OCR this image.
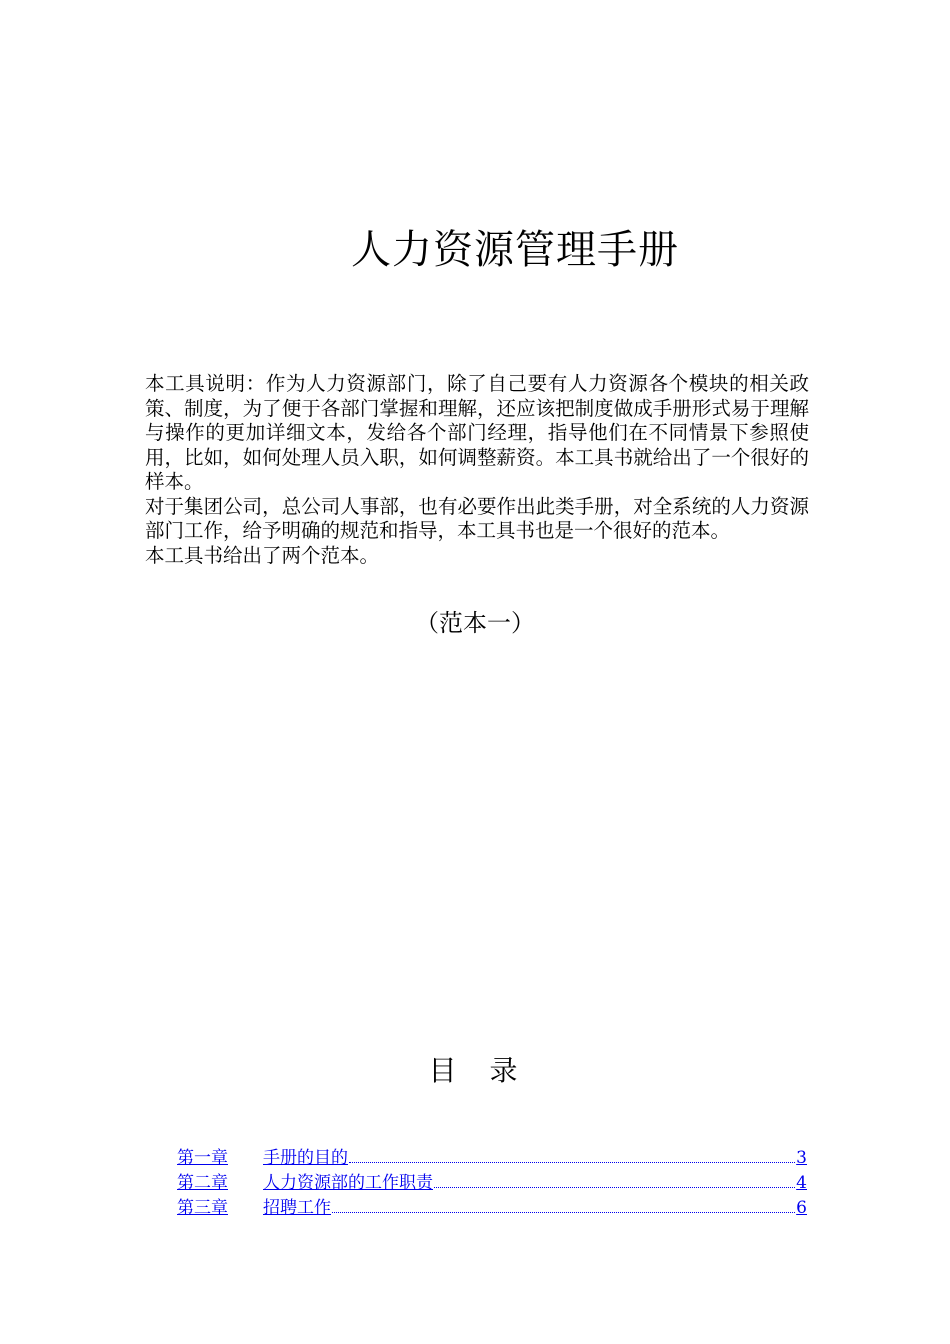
人力资源管理手册

本工具说明：作为人力资源部门，除了自己要有人力资源各个模块的相关政策、制度，为了便于各部门掌握和理解，还应该把制度做成手册形式易于理解与操作的更加详细文本，发给各个部门经理，指导他们在不同情景下参照使用，比如，如何处理人员入职，如何调整薪资。本工具书就给出了一个很好的样本。

对于集团公司，总公司人事部，也有必要作出此类手册，对全系统的人力资源部门工作，给予明确的规范和指导，本工具书也是一个很好的范本。

本工具书给出了两个范本。

（范本一）
目 录
第一章	手册的目的	3
第二章	人力资源部的工作职责	4
第三章	招聘工作	6
